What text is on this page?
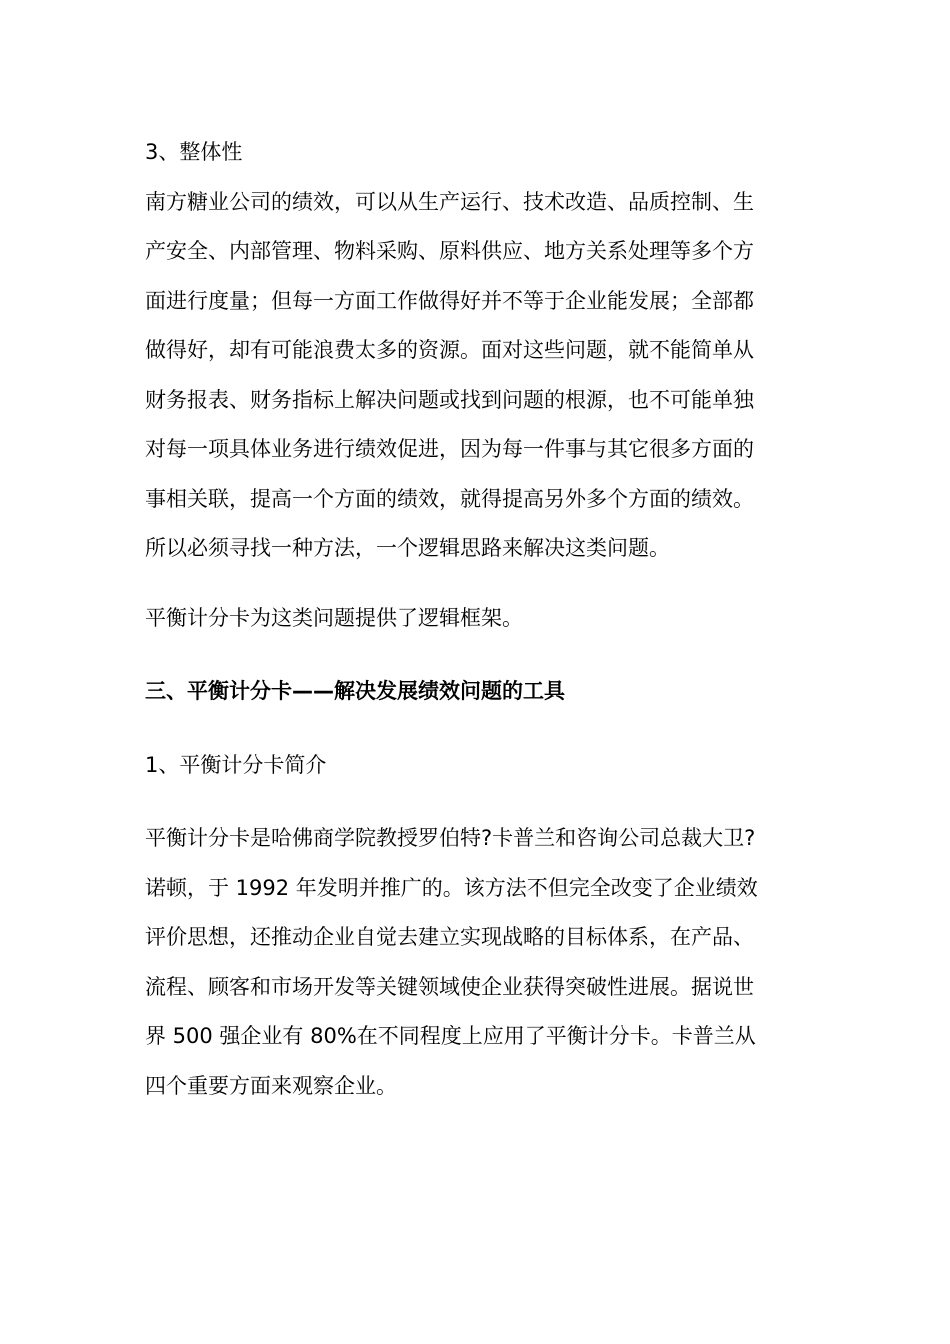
3、整体性

南方糖业公司的绩效，可以从生产运行、技术改造、品质控制、生

产安全、内部管理、物料采购、原料供应、地方关系处理等多个方

面进行度量；但每一方面工作做得好并不等于企业能发展；全部都

做得好，却有可能浪费太多的资源。面对这些问题，就不能简单从

财务报表、财务指标上解决问题或找到问题的根源，也不可能单独

对每一项具体业务进行绩效促进，因为每一件事与其它很多方面的

事相关联，提高一个方面的绩效，就得提高另外多个方面的绩效。

所以必须寻找一种方法，一个逻辑思路来解决这类问题。

平衡计分卡为这类问题提供了逻辑框架。

三、平衡计分卡——解决发展绩效问题的工具

1、平衡计分卡简介

平衡计分卡是哈佛商学院教授罗伯特?卡普兰和咨询公司总裁大卫?

诺顿，于 1992 年发明并推广的。该方法不但完全改变了企业绩效

评价思想，还推动企业自觉去建立实现战略的目标体系，在产品、

流程、顾客和市场开发等关键领域使企业获得突破性进展。据说世

界 500 强企业有 80%在不同程度上应用了平衡计分卡。卡普兰从

四个重要方面来观察企业。
